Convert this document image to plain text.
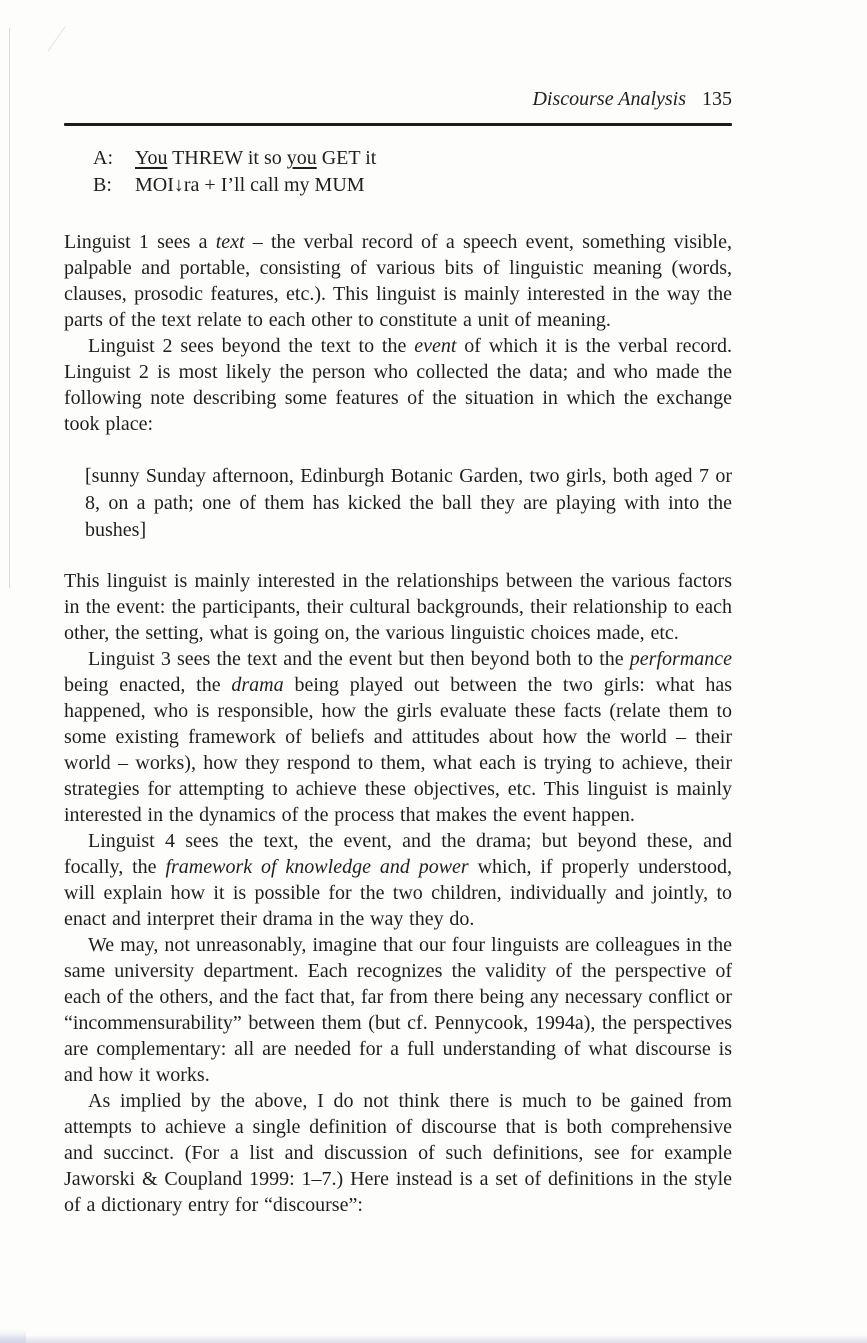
Discourse Analysis 135
A:	You THREW it so you GET it
B:	MOI↓ra + I’ll call my MUM

Linguist 1 sees a text – the verbal record of a speech event, something visible, palpable and portable, consisting of various bits of linguistic meaning (words, clauses, prosodic features, etc.). This linguist is mainly interested in the way the parts of the text relate to each other to constitute a unit of meaning.

Linguist 2 sees beyond the text to the event of which it is the verbal record. Linguist 2 is most likely the person who collected the data; and who made the following note describing some features of the situation in which the exchange took place:

[sunny Sunday afternoon, Edinburgh Botanic Garden, two girls, both aged 7 or 8, on a path; one of them has kicked the ball they are playing with into the bushes]

This linguist is mainly interested in the relationships between the various factors in the event: the participants, their cultural backgrounds, their relationship to each other, the setting, what is going on, the various linguistic choices made, etc.

Linguist 3 sees the text and the event but then beyond both to the performance being enacted, the drama being played out between the two girls: what has happened, who is responsible, how the girls evaluate these facts (relate them to some existing framework of beliefs and attitudes about how the world – their world – works), how they respond to them, what each is trying to achieve, their strategies for attempting to achieve these objectives, etc. This linguist is mainly interested in the dynamics of the process that makes the event happen.

Linguist 4 sees the text, the event, and the drama; but beyond these, and focally, the framework of knowledge and power which, if properly understood, will explain how it is possible for the two children, individually and jointly, to enact and interpret their drama in the way they do.

We may, not unreasonably, imagine that our four linguists are colleagues in the same university department. Each recognizes the validity of the perspective of each of the others, and the fact that, far from there being any necessary conflict or “incommensurability” between them (but cf. Pennycook, 1994a), the perspectives are complementary: all are needed for a full understanding of what discourse is and how it works.

As implied by the above, I do not think there is much to be gained from attempts to achieve a single definition of discourse that is both comprehensive and succinct. (For a list and discussion of such definitions, see for example Jaworski & Coupland 1999: 1–7.) Here instead is a set of definitions in the style of a dictionary entry for “discourse”:
